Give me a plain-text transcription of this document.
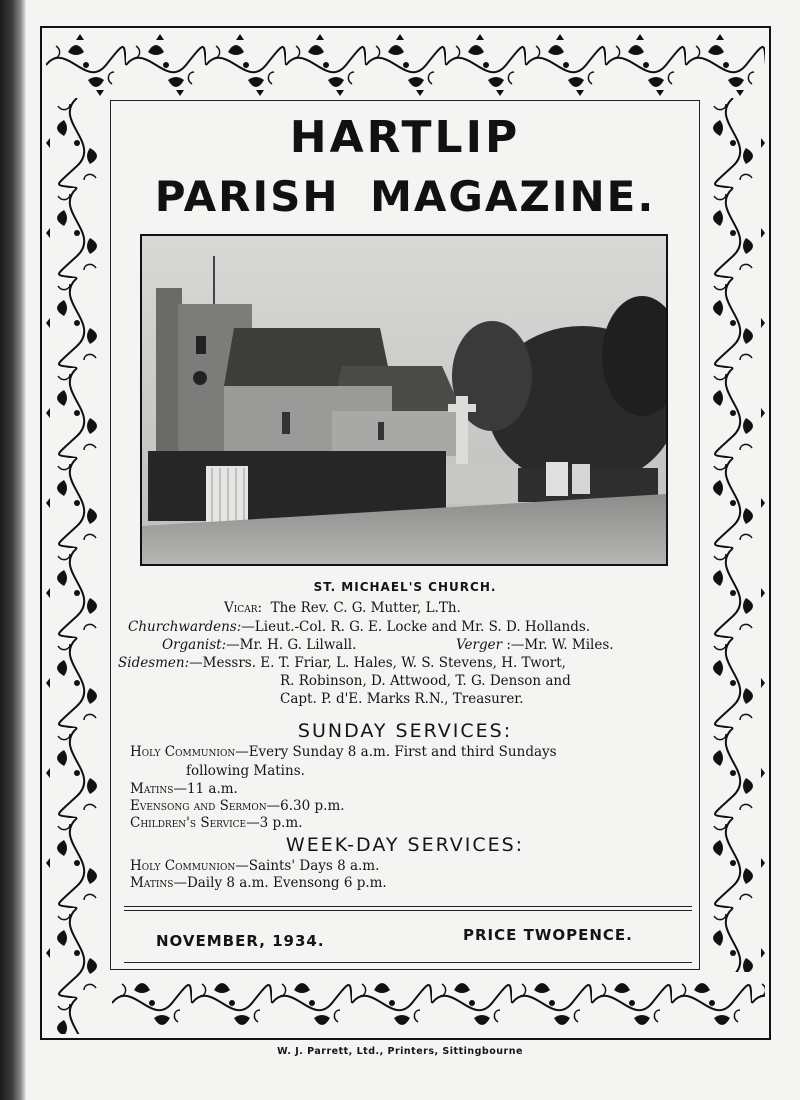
HARTLIP
PARISH MAGAZINE.
ST. MICHAEL'S CHURCH.
Vicar: The Rev. C. G. Mutter, L.Th.
Churchwardens:—Lieut.-Col. R. G. E. Locke and Mr. S. D. Hollands.
Organist:—Mr. H. G. Lilwall.	Verger :—Mr. W. Miles.
Sidesmen:—Messrs. E. T. Friar, L. Hales, W. S. Stevens, H. Twort,
R. Robinson, D. Attwood, T. G. Denson and
Capt. P. d'E. Marks R.N., Treasurer.
SUNDAY SERVICES:
Holy Communion—Every Sunday 8 a.m. First and third Sundays
following Matins.
Matins—11 a.m.
Evensong and Sermon—6.30 p.m.
Children's Service—3 p.m.
WEEK-DAY SERVICES:
Holy Communion—Saints' Days 8 a.m.
Matins—Daily 8 a.m. Evensong 6 p.m.
NOVEMBER, 1934.	PRICE TWOPENCE.
W. J. Parrett, Ltd., Printers, Sittingbourne
